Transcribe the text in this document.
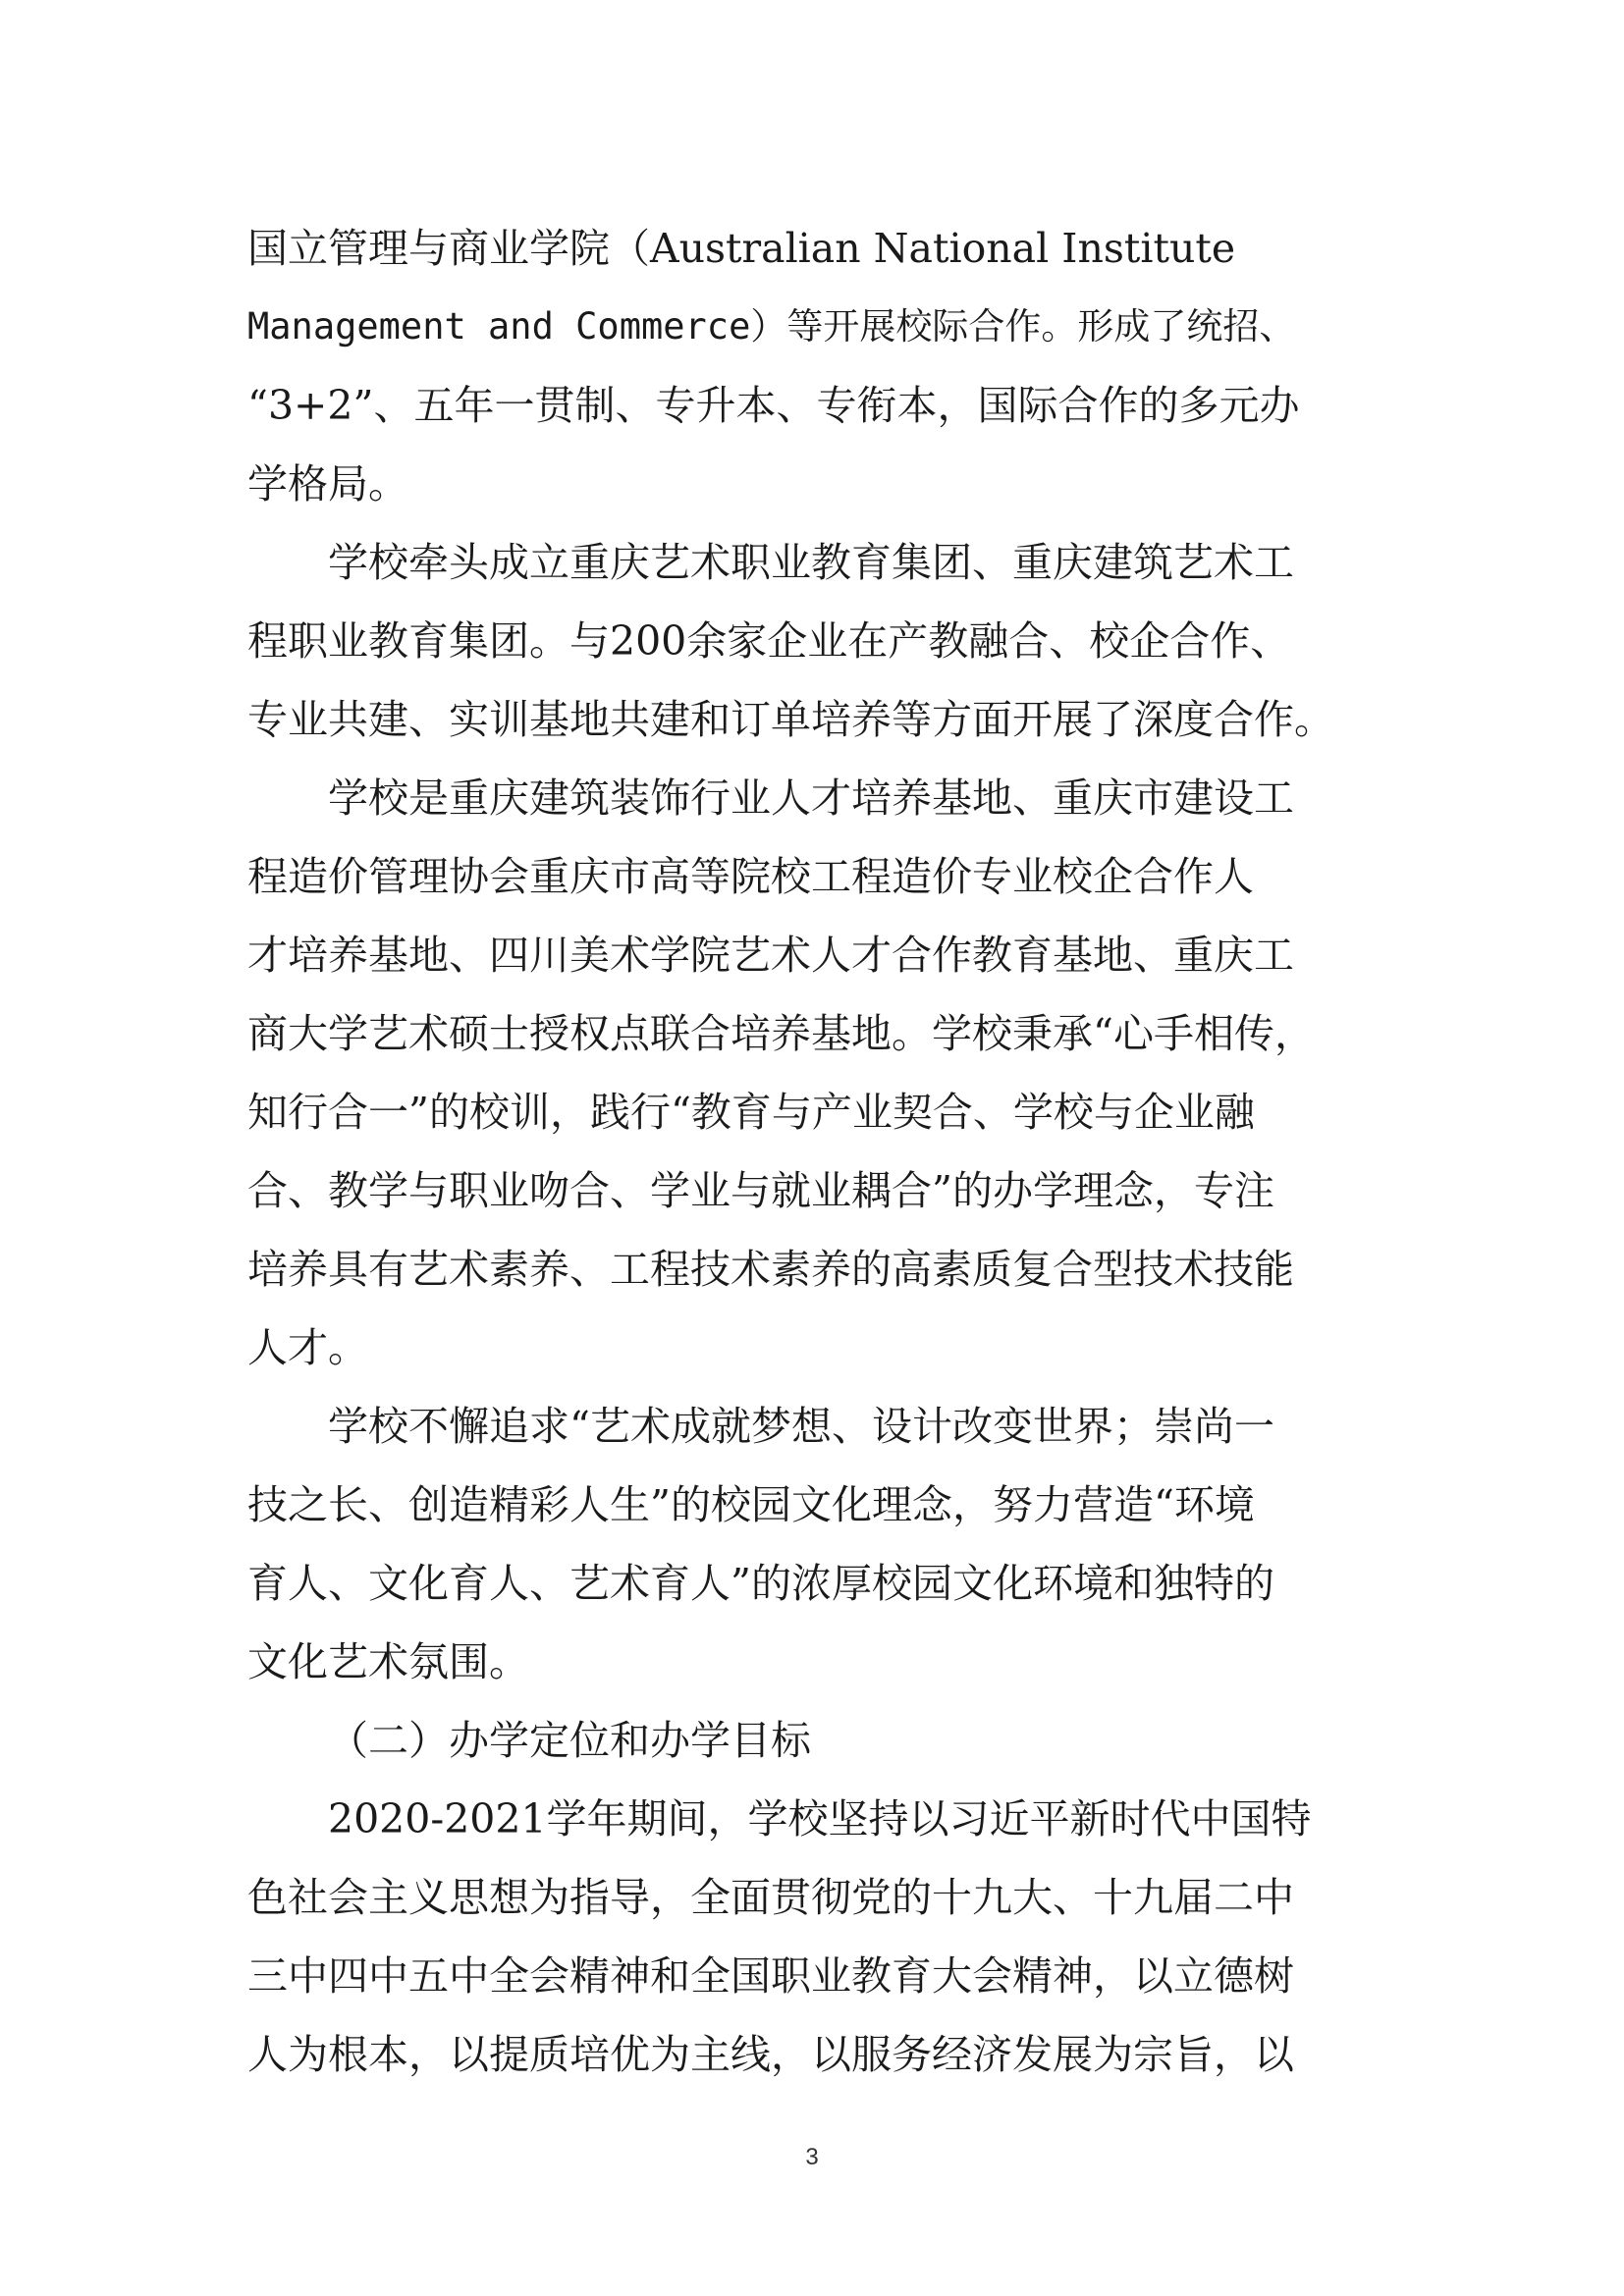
国立管理与商业学院（Australian National Institute
Management and Commerce）等开展校际合作。形成了统招、
“3+2”、五年一贯制、专升本、专衔本，国际合作的多元办
学格局。
学校牵头成立重庆艺术职业教育集团、重庆建筑艺术工
程职业教育集团。与200余家企业在产教融合、校企合作、
专业共建、实训基地共建和订单培养等方面开展了深度合作。
学校是重庆建筑装饰行业人才培养基地、重庆市建设工
程造价管理协会重庆市高等院校工程造价专业校企合作人
才培养基地、四川美术学院艺术人才合作教育基地、重庆工
商大学艺术硕士授权点联合培养基地。学校秉承“心手相传，
知行合一”的校训，践行“教育与产业契合、学校与企业融
合、教学与职业吻合、学业与就业耦合”的办学理念，专注
培养具有艺术素养、工程技术素养的高素质复合型技术技能
人才。
学校不懈追求“艺术成就梦想、设计改变世界；崇尚一
技之长、创造精彩人生”的校园文化理念，努力营造“环境
育人、文化育人、艺术育人”的浓厚校园文化环境和独特的
文化艺术氛围。
（二）办学定位和办学目标
2020-2021学年期间，学校坚持以习近平新时代中国特
色社会主义思想为指导，全面贯彻党的十九大、十九届二中
三中四中五中全会精神和全国职业教育大会精神，以立德树
人为根本，以提质培优为主线，以服务经济发展为宗旨，以
3
